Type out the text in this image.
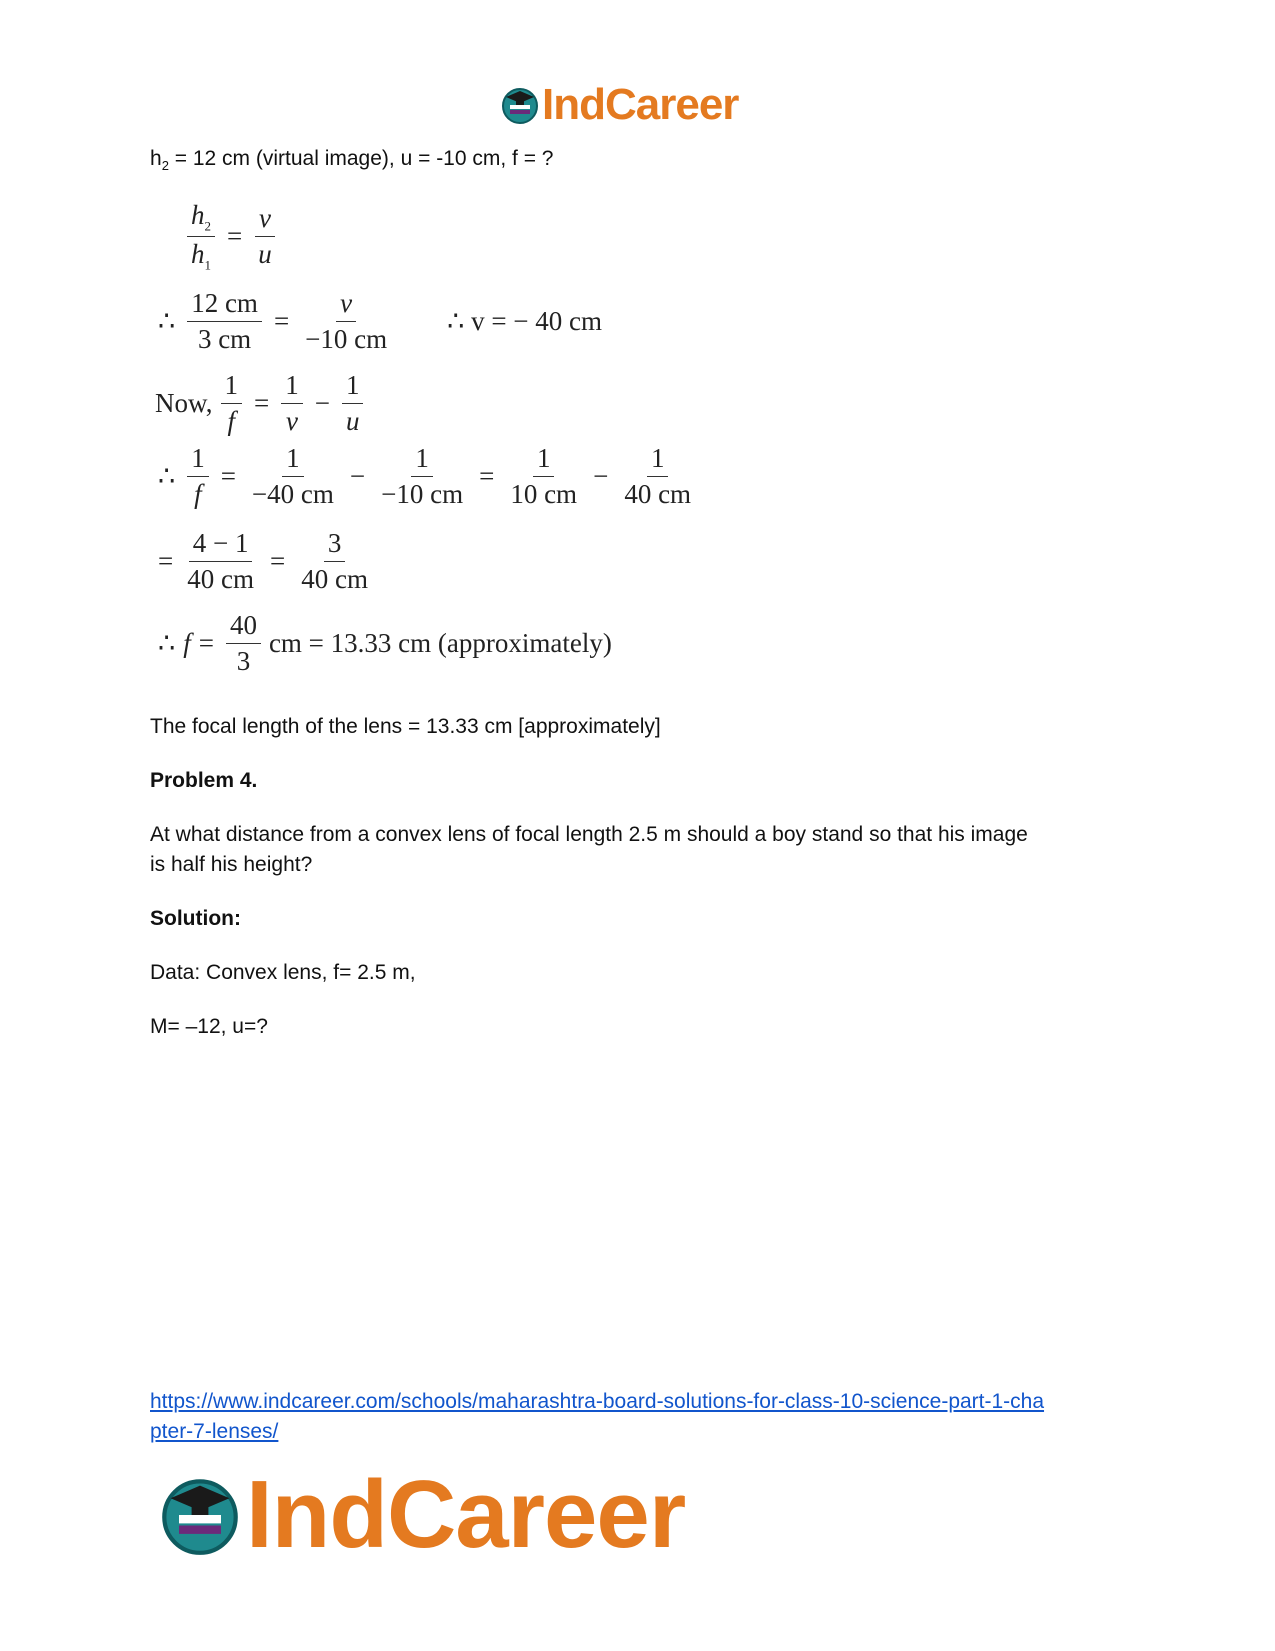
IndCareer
$h_2 = 12$ cm (virtual image), u = -10 cm, f = ?
$\frac{h_2}{h_1} = \frac{v}{u}$
∴ $\frac{12 cm}{3 cm} = \frac{v}{-10 cm}$ ∴ v = − 40 cm
Now, $\frac{1}{f} = \frac{1}{v} - \frac{1}{u}$
∴ $\frac{1}{f} = \frac{1}{-40 cm} - \frac{1}{-10 cm} = \frac{1}{10 cm} - \frac{1}{40 cm}$
= $\frac{4 - 1}{40 cm} = \frac{3}{40 cm}$
∴ $f = \frac{40}{3}$ cm = 13.33 cm (approximately)
The focal length of the lens = 13.33 cm [approximately]
Problem 4.
At what distance from a convex lens of focal length 2.5 m should a boy stand so that his image
is half his height?
Solution:
Data: Convex lens, f= 2.5 m,
M= –12, u=?
https://www.indcareer.com/schools/maharashtra-board-solutions-for-class-10-science-part-1-cha
pter-7-lenses/
IndCareer
